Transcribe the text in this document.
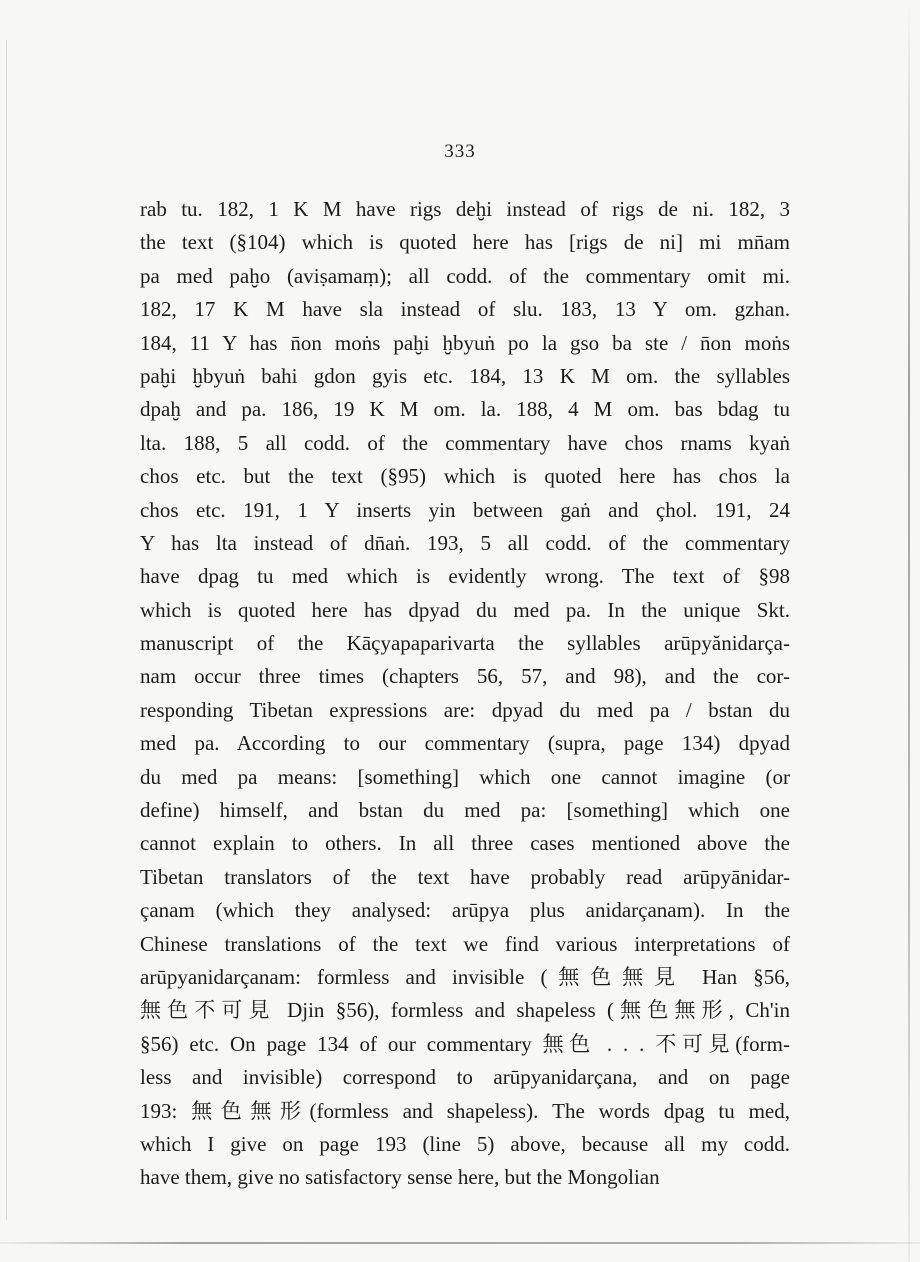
333
rab tu. 182, 1 K M have rigs deḫi instead of rigs de ni. 182, 3
the text (§104) which is quoted here has [rigs de ni] mi mn̄am
pa med paḫo (aviṣamaṃ); all codd. of the commentary omit mi.
182, 17 K M have sla instead of slu. 183, 13 Y om. gzhan.
184, 11 Y has n̄on moṅs paḫi ḫbyuṅ po la gso ba ste / n̄on moṅs
paḫi ḫbyuṅ bahi gdon gyis etc. 184, 13 K M om. the syllables
dpaḫ and pa. 186, 19 K M om. la. 188, 4 M om. bas bdag tu
lta. 188, 5 all codd. of the commentary have chos rnams kyaṅ
chos etc. but the text (§95) which is quoted here has chos la
chos etc. 191, 1 Y inserts yin between gaṅ and çhol. 191, 24
Y has lta instead of dn̄aṅ. 193, 5 all codd. of the commentary
have dpag tu med which is evidently wrong. The text of §98
which is quoted here has dpyad du med pa. In the unique Skt.
manuscript of the Kāçyapaparivarta the syllables arūpyănidarça-
nam occur three times (chapters 56, 57, and 98), and the cor-
responding Tibetan expressions are: dpyad du med pa / bstan du
med pa. According to our commentary (supra, page 134) dpyad
du med pa means: [something] which one cannot imagine (or
define) himself, and bstan du med pa: [something] which one
cannot explain to others. In all three cases mentioned above the
Tibetan translators of the text have probably read arūpyānidar-
çanam (which they analysed: arūpya plus anidarçanam). In the
Chinese translations of the text we find various interpretations of
arūpyanidarçanam: formless and invisible (無色無見 Han §56,
無色不可見 Djin §56), formless and shapeless (無色無形, Ch'in
§56) etc. On page 134 of our commentary 無色 . . . 不可見(form-
less and invisible) correspond to arūpyanidarçana, and on page
193: 無色無形(formless and shapeless). The words dpag tu med,
which I give on page 193 (line 5) above, because all my codd.
have them, give no satisfactory sense here, but the Mongolian
